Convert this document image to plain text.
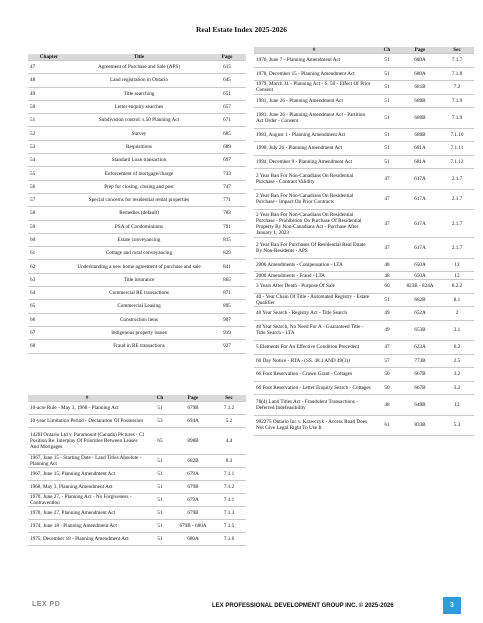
Real Estate Index 2025-2026
Chapter	Title	Page
47	Agreement of Purchase and Sale (APS)	615
48	Land registration in Ontario	645
49	Title searching	651
50	Letter enquiry searches	657
51	Subdivision control: s.50 Planning Act	671
52	Survey	685
53	Requisitions	689
54	Standard Loan transaction	697
55	Enforcement of mortgage/charge	733
56	Prep for closing, closing and post	747
57	Special concerns for residential rental properties	771
58	Remedies (default)	783
59	PSA of Condominiums	791
60	Estate conveyancing	815
61	Cottage and rural conveyancing	829
62	Understanding a new home agreement of purchase and sale	841
63	Title insurance	865
64	Commercial RE transactions	871
65	Commercial Leasing	895
66	Construction liens	907
67	Indigenous property issues	919
68	Fraud in RE transactions	927
#	Ch	Page	Sec
1976, June 7 - Planning Amendment Act	51	680A	7.1.7
1978, December 15 - Planning Amendment Act	51	680A	7.1.8
1979, March 31 - Planning Act - S. 50 - Effect Of Prior Consent	51	681B	7.2
1981, June 26 - Planning Amendment Act	51	680B	7.1.9
1981, June 26 - Planning Amendment Act - Partition Act Order - Consent	51	680B	7.1.9
1983, August 1 - Planning Amendment Act	51	680B	7.1.10
1990, July 26 - Planning Amendment Act	51	681A	7.1.11
1994, December 9 - Planning Amendment Act	51	681A	7.1.12
2 Year Ban For Non-Canadians On Residential Purchase - Contract Validity	47	617A	2.1.7
2 Year Ban For Non-Canadians On Residential Purchase - Impact On Prior Contracts	47	617A	2.1.7
2 Year Ban For Non-Canadians On Residential Purchase - Prohibition On Purchase Of Residential Property By Non-Canadians Act - Purchase After January 1, 2023	47	617A	2.1.7
2 Year Ban For Purchases Of Residential Real Estate By Non-Residents - APS	47	617A	2.1.7
2006 Amendments - Compensation - LTA	48	650A	12
2006 Amendments - Fraud - LTA	48	650A	12
3 Years After Death - Purpose Of Sale	60	823B - 824A	8.2.2
40 - Year Chain Of Title - Automated Registry - Estate Qualifier	51	682B	8.1
40 Year Search - Registry Act - Title Search	49	652A	2
40 Year Search, No Need For A - Guaranteed Title - Title Search - LTA	49	653B	3.1
5 Elements For An Effective Condition Precedent	47	623A	6.2
60 Day Notice - RTA - (SS. 48.1 AND 49(3))	57	773B	2.5
66 Foot Reservation - Crown Grant - Cottages	50	667B	3.2
66 Foot Reservation - Letter Enquiry Search - Cottages	50	667B	3.2
78(4) Land Titles Act - Fraudulent Transactions - Deferred Indefeasibility	48	649B	12
992275 Ontario Inc v. Krawczyk - Access Road Does Not Give Legal Right To Use It	61	833B	5.3
#	Ch	Page	Sec
10-acre Rule - May 3, 1968 - Planning Act	51	679B	7.1.2
10-year Limitation Period - Declaration Of Possession	53	694A	5.2
1420I Ontario Ltd v. Paramount (Canada) Pictures - Cl Position Re: Interplay Of Priorities Between Leases And Mortgages	65	898B	4.4
1967, June 15 - Starting Date - Land Titles Absolute - Planning Act	51	682B	8.3
1967, June 15, Planning Amendment Act	51	679A	7.1.1
1968, May 3, Planning Amendment Act	51	679B	7.1.2
1970, June 27, - Planning Act - No Forgiveness - Contravention	51	679A	7.1.1
1970, June 27, Planning Amendment Act	51	679B	7.1.3
1974, June 18 - Planning Amendment Act	51	679B - 680A	7.1.5
1975, December 18 - Planning Amendment Act	51	680A	7.1.6
LEX PD	LEX PROFESSIONAL DEVELOPMENT GROUP INC. © 2025-2026	3
